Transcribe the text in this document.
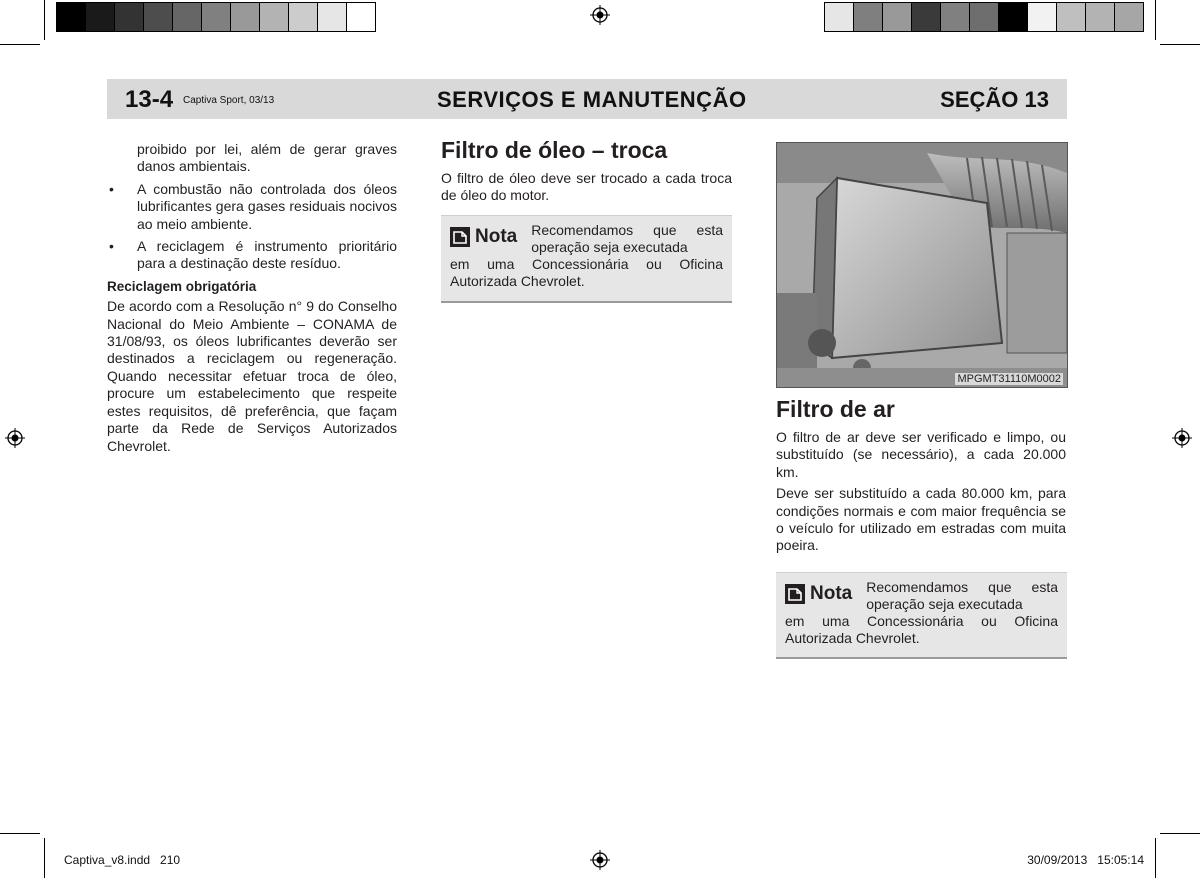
13-4 Captiva Sport, 03/13	SERVIÇOS E MANUTENÇÃO	SEÇÃO 13
proibido por lei, além de gerar graves danos ambientais.
• A combustão não controlada dos óleos lubrificantes gera gases residuais nocivos ao meio ambiente.
• A reciclagem é instrumento prioritário para a destinação deste resíduo.
Reciclagem obrigatória
De acordo com a Resolução n° 9 do Conselho Nacional do Meio Ambiente – CONAMA de 31/08/93, os óleos lubrificantes deverão ser destinados a reciclagem ou regeneração. Quando necessitar efetuar troca de óleo, procure um estabelecimento que respeite estes requisitos, dê preferência, que façam parte da Rede de Serviços Autorizados Chevrolet.
Filtro de óleo – troca
O filtro de óleo deve ser trocado a cada troca de óleo do motor.
Nota Recomendamos que esta operação seja executada
em uma Concessionária ou Oficina Autorizada Chevrolet.
MPGMT31110M0002
Filtro de ar
O filtro de ar deve ser verificado e limpo, ou substituído (se necessário), a cada 20.000 km.
Deve ser substituído a cada 80.000 km, para condições normais e com maior frequência se o veículo for utilizado em estradas com muita poeira.
Nota Recomendamos que esta operação seja executada
em uma Concessionária ou Oficina Autorizada Chevrolet.
Captiva_v8.indd   210	30/09/2013   15:05:14
